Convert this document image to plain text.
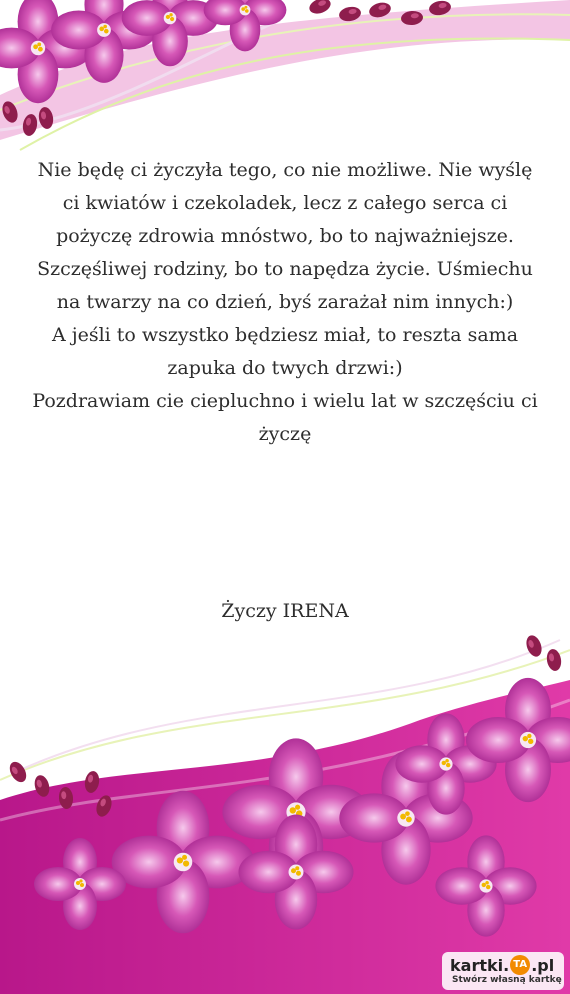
Nie będę ci życzyła tego, co nie możliwe. Nie wyślę ci kwiatów i czekoladek, lecz z całego serca ci pożyczę zdrowia mnóstwo, bo to najważniejsze. Szczęśliwej rodziny, bo to napędza życie. Uśmiechu na twarzy na co dzień, byś zarażał nim innych:)

A jeśli to wszystko będziesz miał, to reszta sama zapuka do twych drzwi:)

Pozdrawiam cie ciepluchno i wielu lat w szczęściu ci życzę

Życzy IRENA
kartki. TA .pl
Stwórz własną kartkę
